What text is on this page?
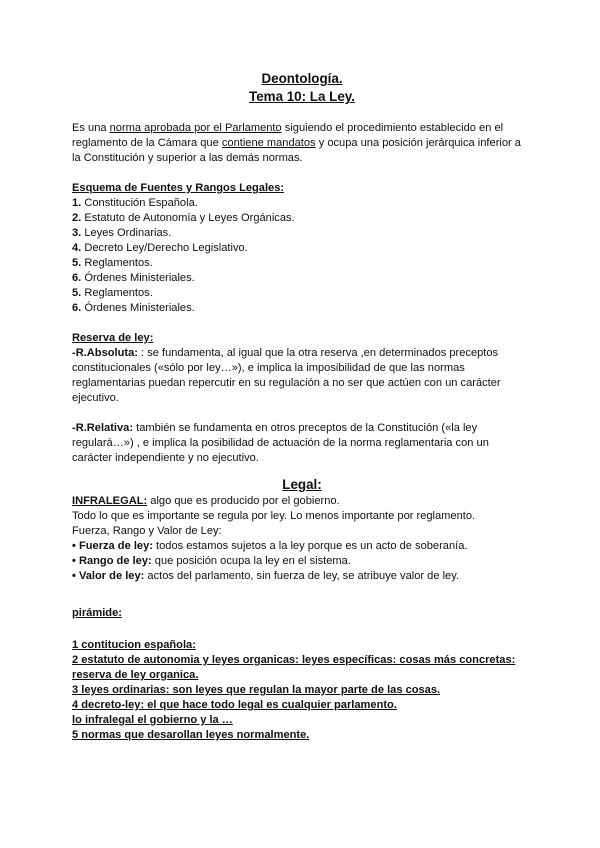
Deontología.
Tema 10: La Ley.

Es una norma aprobada por el Parlamento siguiendo el procedimiento establecido en el reglamento de la Cámara que contiene mandatos y ocupa una posición jerárquica inferior a la Constitución y superior a las demás normas.

Esquema de Fuentes y Rangos Legales:

1. Constitución Española.

2. Estatuto de Autonomía y Leyes Orgánicas.

3. Leyes Ordinarias.

4. Decreto Ley/Derecho Legislativo.

5. Reglamentos.

6. Órdenes Ministeriales.

5. Reglamentos.

6. Órdenes Ministeriales.

Reserva de ley:

-R.Absoluta: : se fundamenta, al igual que la otra reserva ,en determinados preceptos constitucionales («sólo por ley…»), e implica la imposibilidad de que las normas reglamentarias puedan repercutir en su regulación a no ser que actúen con un carácter ejecutivo.

-R.Relativa: también se fundamenta en otros preceptos de la Constitución («la ley regulará…») , e implica la posibilidad de actuación de la norma reglamentaria con un carácter independiente y no ejecutivo.

Legal:

INFRALEGAL: algo que es producido por el gobierno.

Todo lo que es importante se regula por ley. Lo menos importante por reglamento.

Fuerza, Rango y Valor de Ley:

• Fuerza de ley: todos estamos sujetos a la ley porque es un acto de soberanía.

• Rango de ley: que posición ocupa la ley en el sistema.

• Valor de ley: actos del parlamento, sin fuerza de ley, se atribuye valor de ley.

pirámide:

1 contitucion española:

2 estatuto de autonomia y leyes organicas: leyes específicas: cosas más concretas: reserva de ley organica.

3 leyes ordinarias: son leyes que regulan la mayor parte de las cosas.

4 decreto-ley: el que hace todo legal es cualquier parlamento.

lo infralegal el gobierno y la …

5 normas que desarollan leyes normalmente.
